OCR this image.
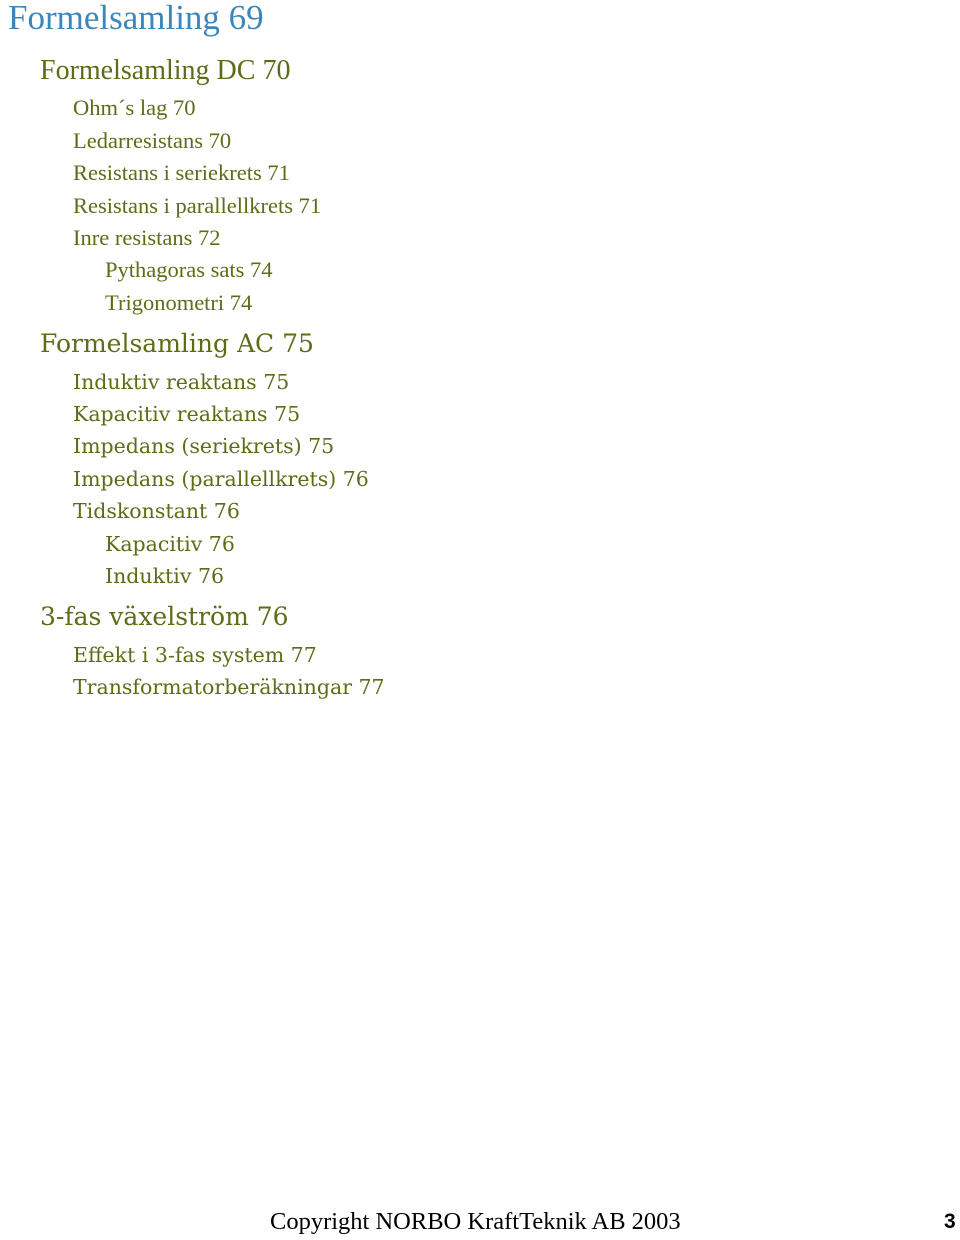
Formelsamling 69
Formelsamling DC 70
Ohm´s lag 70
Ledarresistans 70
Resistans i seriekrets 71
Resistans i parallellkrets 71
Inre resistans 72
Pythagoras sats 74
Trigonometri 74
Formelsamling AC 75
Induktiv reaktans 75
Kapacitiv reaktans 75
Impedans (seriekrets) 75
Impedans (parallellkrets) 76
Tidskonstant 76
Kapacitiv 76
Induktiv 76
3-fas växelström 76
Effekt i 3-fas system 77
Transformatorberäkningar 77
Copyright NORBO KraftTeknik AB 2003	3
